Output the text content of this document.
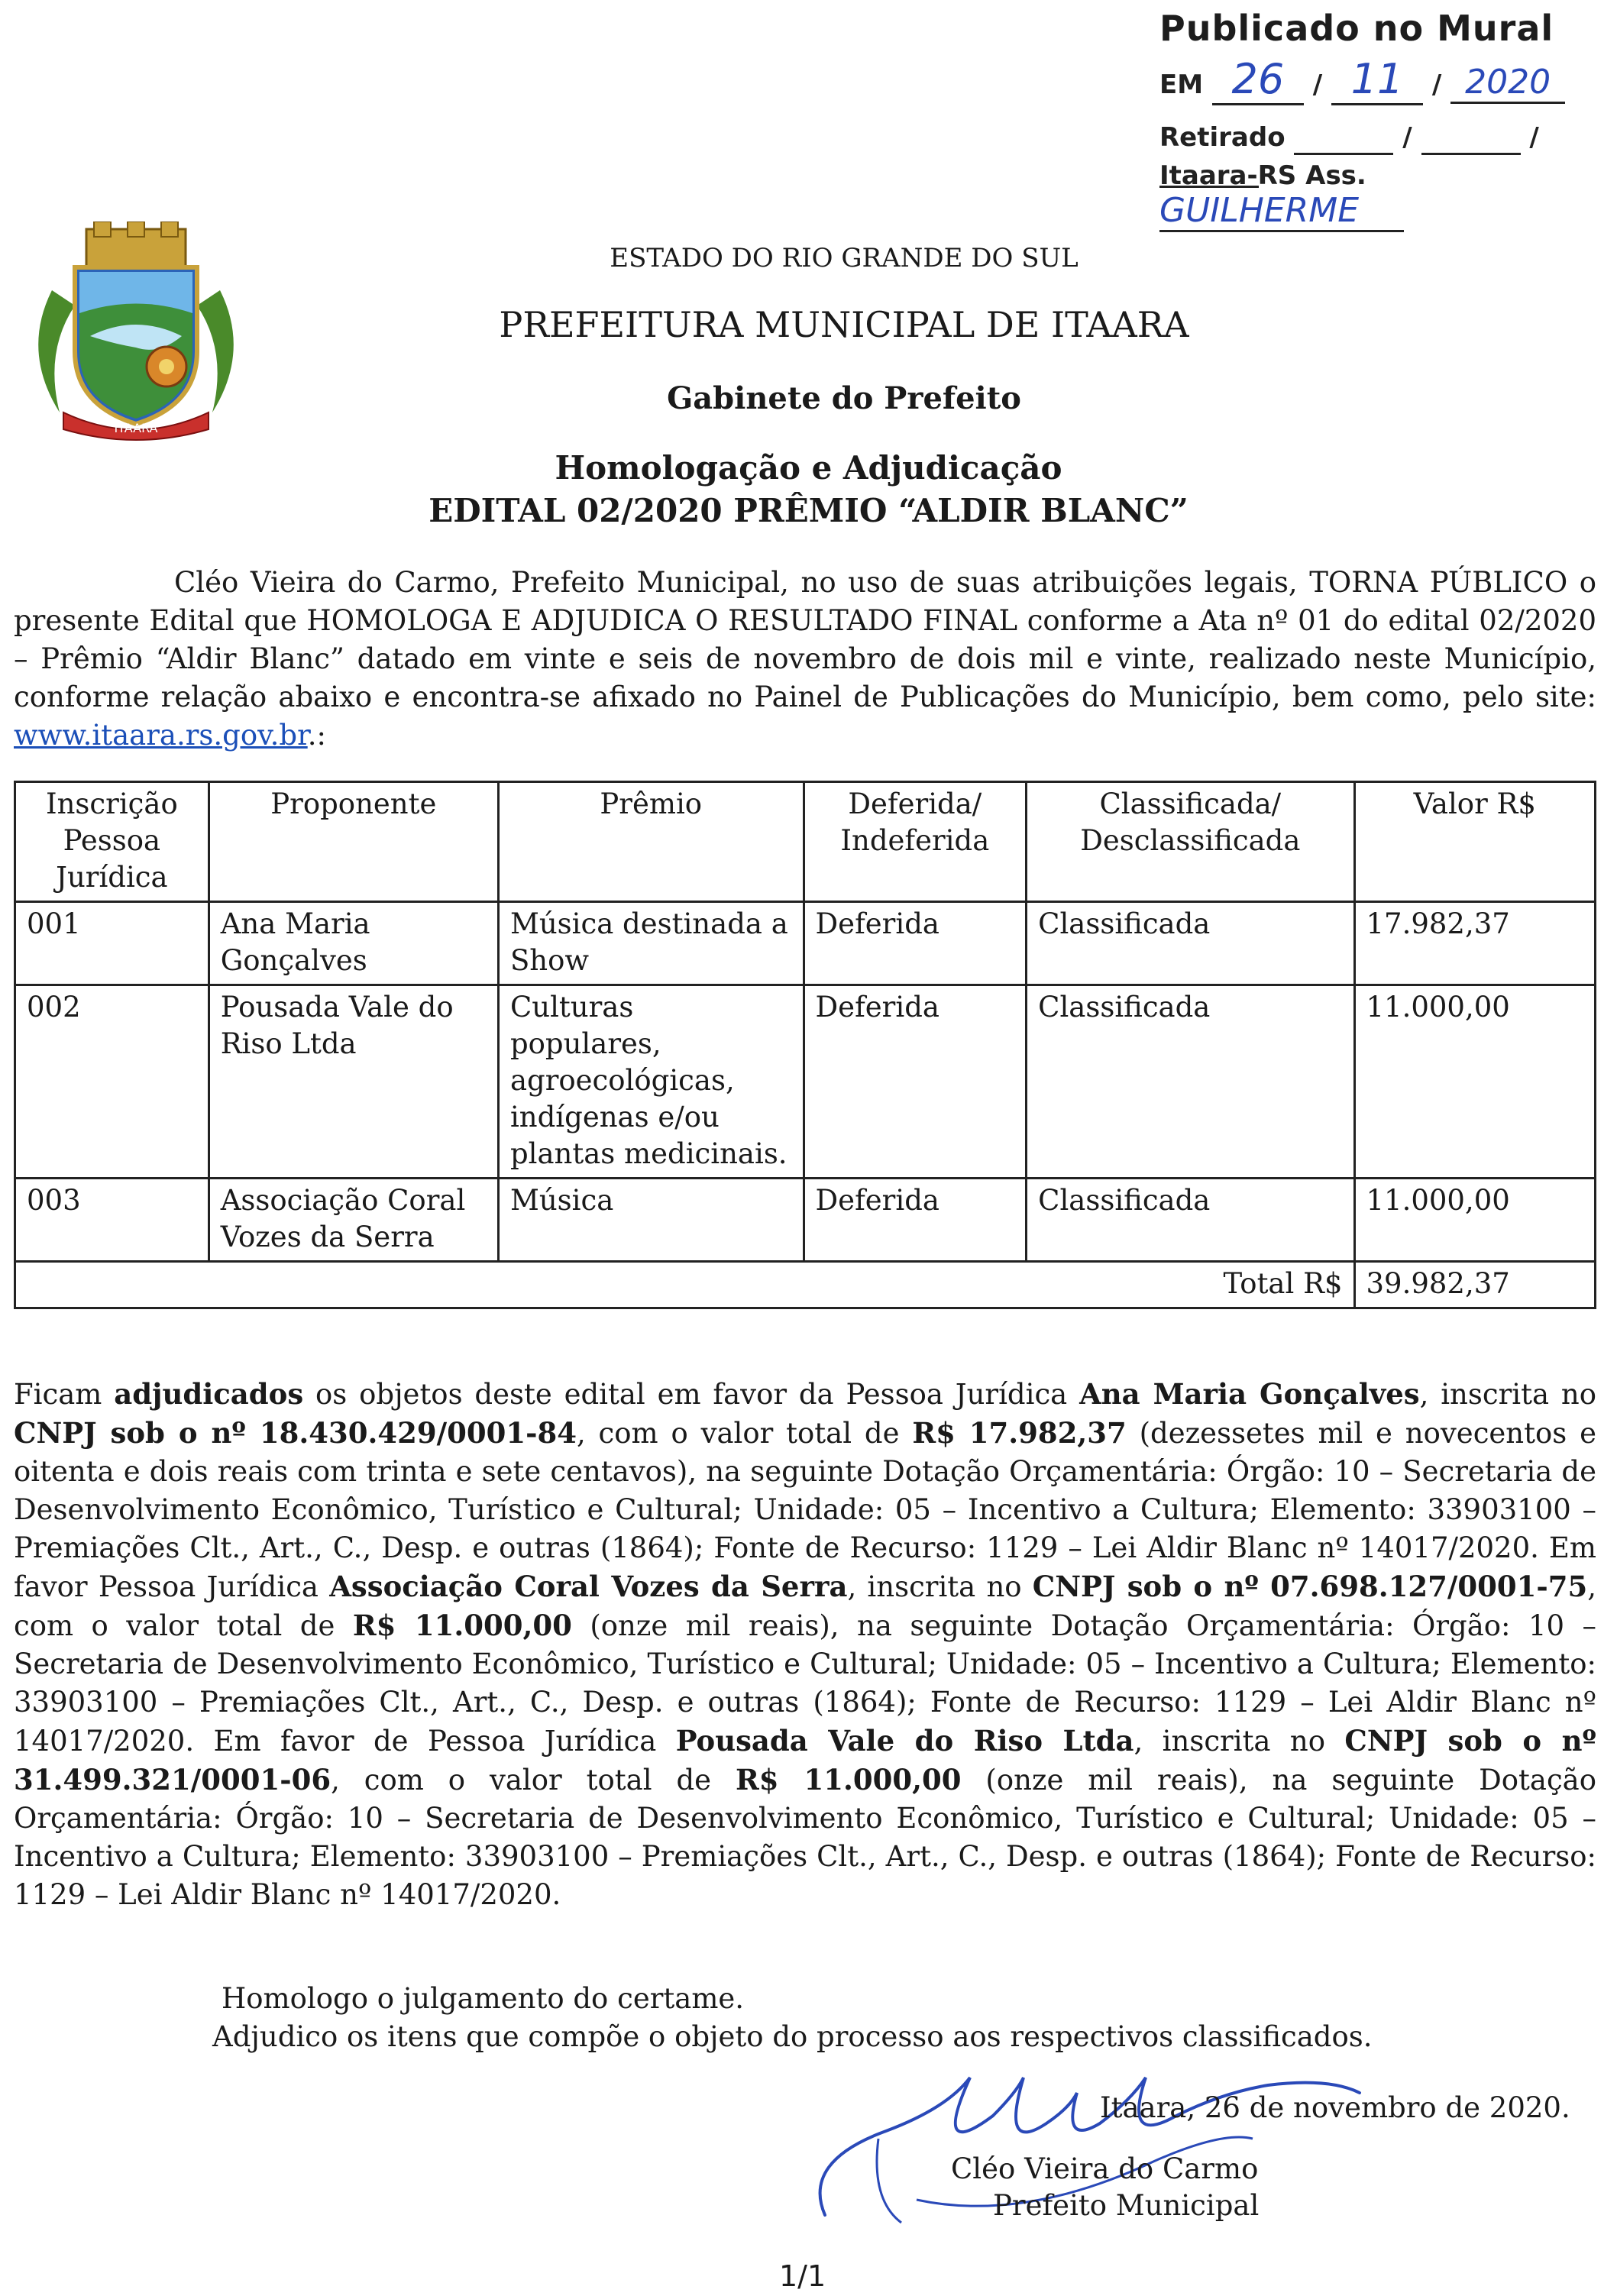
Publicado no Mural
EM 26 / 11 / 2020
Retirado	/	/
Itaara-RS Ass. GUILHERME
ITAARA
ESTADO DO RIO GRANDE DO SUL
PREFEITURA MUNICIPAL DE ITAARA
Gabinete do Prefeito
Homologação e Adjudicação
EDITAL 02/2020 PRÊMIO “ALDIR BLANC”
Cléo Vieira do Carmo, Prefeito Municipal, no uso de suas atribuições legais, TORNA PÚBLICO o presente Edital que HOMOLOGA E ADJUDICA O RESULTADO FINAL conforme a Ata nº 01 do edital 02/2020 – Prêmio “Aldir Blanc” datado em vinte e seis de novembro de dois mil e vinte, realizado neste Município, conforme relação abaixo e encontra-se afixado no Painel de Publicações do Município, bem como, pelo site: www.itaara.rs.gov.br.:
Inscrição Pessoa Jurídica	Proponente	Prêmio	Deferida/ Indeferida	Classificada/ Desclassificada	Valor R$
001	Ana Maria Gonçalves	Música destinada a Show	Deferida	Classificada	17.982,37
002	Pousada Vale do Riso Ltda	Culturas populares, agroecológicas, indígenas e/ou plantas medicinais.	Deferida	Classificada	11.000,00
003	Associação Coral Vozes da Serra	Música	Deferida	Classificada	11.000,00
Total R$					39.982,37
Ficam adjudicados os objetos deste edital em favor da Pessoa Jurídica Ana Maria Gonçalves, inscrita no CNPJ sob o nº 18.430.429/0001-84, com o valor total de R$ 17.982,37 (dezessetes mil e novecentos e oitenta e dois reais com trinta e sete centavos), na seguinte Dotação Orçamentária: Órgão: 10 – Secretaria de Desenvolvimento Econômico, Turístico e Cultural; Unidade: 05 – Incentivo a Cultura; Elemento: 33903100 – Premiações Clt., Art., C., Desp. e outras (1864); Fonte de Recurso: 1129 – Lei Aldir Blanc nº 14017/2020. Em favor Pessoa Jurídica Associação Coral Vozes da Serra, inscrita no CNPJ sob o nº 07.698.127/0001-75, com o valor total de R$ 11.000,00 (onze mil reais), na seguinte Dotação Orçamentária: Órgão: 10 – Secretaria de Desenvolvimento Econômico, Turístico e Cultural; Unidade: 05 – Incentivo a Cultura; Elemento: 33903100 – Premiações Clt., Art., C., Desp. e outras (1864); Fonte de Recurso: 1129 – Lei Aldir Blanc nº 14017/2020. Em favor de Pessoa Jurídica Pousada Vale do Riso Ltda, inscrita no CNPJ sob o nº 31.499.321/0001-06, com o valor total de R$ 11.000,00 (onze mil reais), na seguinte Dotação Orçamentária: Órgão: 10 – Secretaria de Desenvolvimento Econômico, Turístico e Cultural; Unidade: 05 – Incentivo a Cultura; Elemento: 33903100 – Premiações Clt., Art., C., Desp. e outras (1864); Fonte de Recurso: 1129 – Lei Aldir Blanc nº 14017/2020.
Homologo o julgamento do certame.
Adjudico os itens que compõe o objeto do processo aos respectivos classificados.
Itaara, 26 de novembro de 2020.
Cléo Vieira do Carmo
Prefeito Municipal
1/1
